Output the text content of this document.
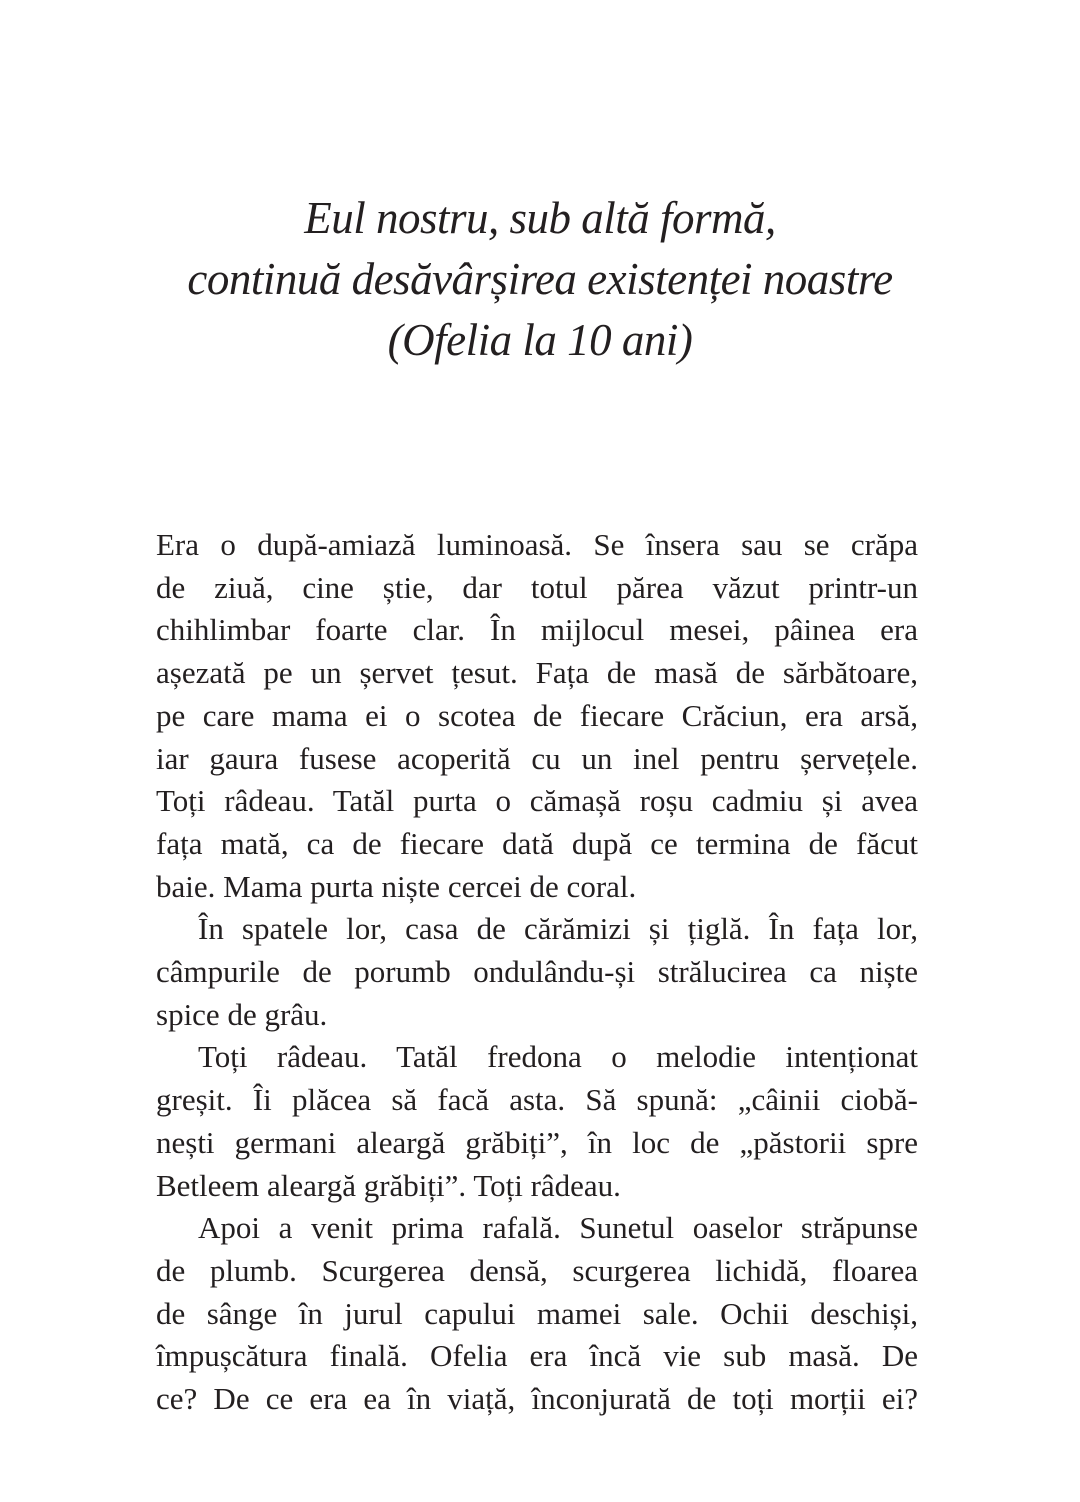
Eul nostru, sub altă formă,
continuă desăvârșirea existenței noastre
(Ofelia la 10 ani)

Era o după-amiază luminoasă. Se însera sau se crăpa
de ziuă, cine știe, dar totul părea văzut printr-un
chihlimbar foarte clar. În mijlocul mesei, pâinea era
așezată pe un șervet țesut. Fața de masă de sărbătoare,
pe care mama ei o scotea de fiecare Crăciun, era arsă,
iar gaura fusese acoperită cu un inel pentru șervețele.
Toți râdeau. Tatăl purta o cămașă roșu cadmiu și avea
fața mată, ca de fiecare dată după ce termina de făcut
baie. Mama purta niște cercei de coral.

În spatele lor, casa de cărămizi și țiglă. În fața lor,
câmpurile de porumb ondulându-și strălucirea ca niște
spice de grâu.

Toți râdeau. Tatăl fredona o melodie intenționat
greșit. Îi plăcea să facă asta. Să spună: „câinii ciobă-
nești germani aleargă grăbiți”, în loc de „păstorii spre
Betleem aleargă grăbiți”. Toți râdeau.

Apoi a venit prima rafală. Sunetul oaselor străpunse
de plumb. Scurgerea densă, scurgerea lichidă, floarea
de sânge în jurul capului mamei sale. Ochii deschiși,
împușcătura finală. Ofelia era încă vie sub masă. De
ce? De ce era ea în viață, înconjurată de toți morții ei?
